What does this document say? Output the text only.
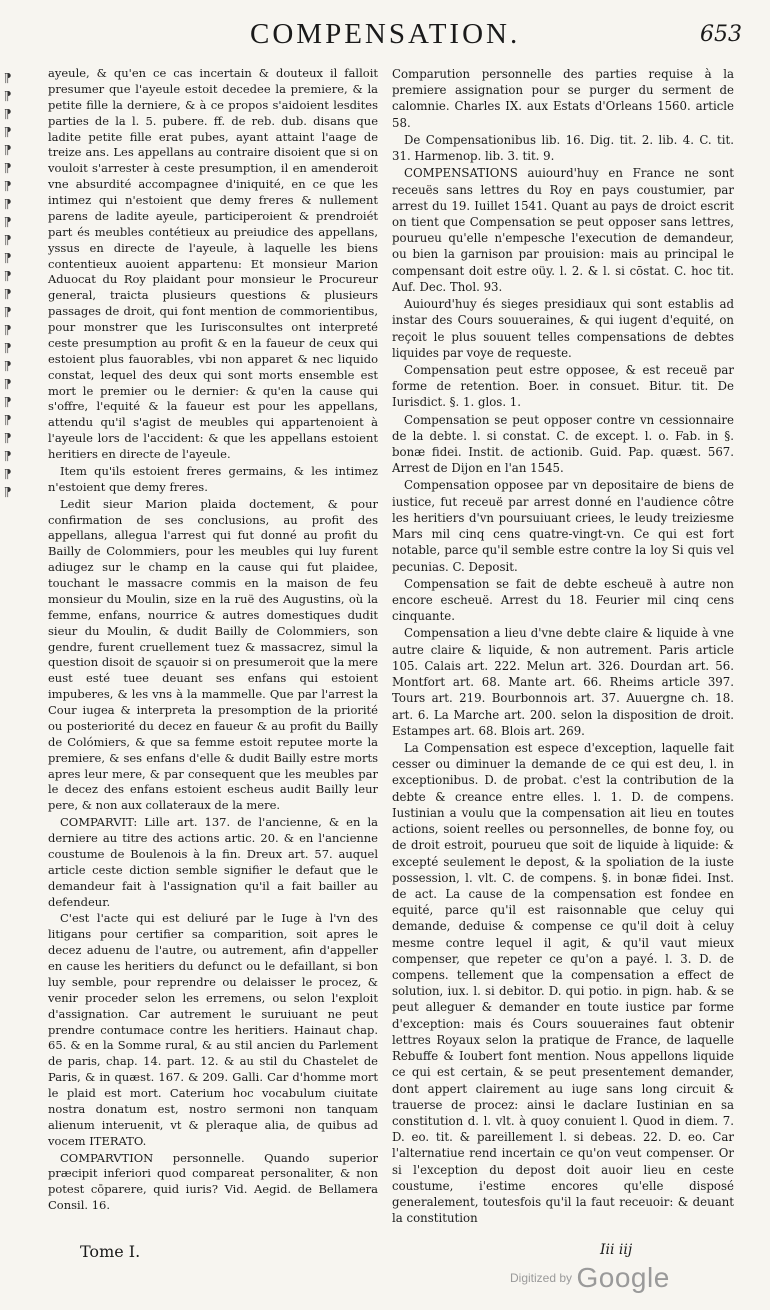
COMPENSATION.	653
⁋
⁋
⁋
⁋
⁋
⁋
⁋
⁋
⁋
⁋
⁋
⁋
⁋
⁋
⁋
⁋
⁋
⁋
⁋
⁋
⁋
⁋
⁋
⁋

ayeule, & qu'en ce cas incertain & douteux il falloit presumer que l'ayeule estoit decedee la premiere, & la petite fille la derniere, & à ce propos s'aidoient lesdites parties de la l. 5. pubere. ff. de reb. dub. disans que ladite petite fille erat pubes, ayant attaint l'aage de treize ans. Les appellans au contraire disoient que si on vouloit s'arrester à ceste presumption, il en amenderoit vne absurdité accompagnee d'iniquité, en ce que les intimez qui n'estoient que demy freres & nullement parens de ladite ayeule, participeroient & prendroiét part és meubles contétieux au preiudice des appellans, yssus en directe de l'ayeule, à laquelle les biens contentieux auoient appartenu: Et monsieur Marion Aduocat du Roy plaidant pour monsieur le Procureur general, traicta plusieurs questions & plusieurs passages de droit, qui font mention de commorientibus, pour monstrer que les Iurisconsultes ont interpreté ceste presumption au profit & en la faueur de ceux qui estoient plus fauorables, vbi non apparet & nec liquido constat, lequel des deux qui sont morts ensemble est mort le premier ou le dernier: & qu'en la cause qui s'offre, l'equité & la faueur est pour les appellans, attendu qu'il s'agist de meubles qui appartenoient à l'ayeule lors de l'accident: & que les appellans estoient heritiers en directe de l'ayeule.

Item qu'ils estoient freres germains, & les intimez n'estoient que demy freres.

Ledit sieur Marion plaida doctement, & pour confirmation de ses conclusions, au profit des appellans, allegua l'arrest qui fut donné au profit du Bailly de Colommiers, pour les meubles qui luy furent adiugez sur le champ en la cause qui fut plaidee, touchant le massacre commis en la maison de feu monsieur du Moulin, size en la ruë des Augustins, où la femme, enfans, nourrice & autres domestiques dudit sieur du Moulin, & dudit Bailly de Colommiers, son gendre, furent cruellement tuez & massacrez, simul la question disoit de sçauoir si on presumeroit que la mere eust esté tuee deuant ses enfans qui estoient impuberes, & les vns à la mammelle. Que par l'arrest la Cour iugea & interpreta la presomption de la priorité ou posteriorité du decez en faueur & au profit du Bailly de Colómiers, & que sa femme estoit reputee morte la premiere, & ses enfans d'elle & dudit Bailly estre morts apres leur mere, & par consequent que les meubles par le decez des enfans estoient escheus audit Bailly leur pere, & non aux collateraux de la mere.

COMPARVIT: Lille art. 137. de l'ancienne, & en la derniere au titre des actions artic. 20. & en l'ancienne coustume de Boulenois à la fin. Dreux art. 57. auquel article ceste diction semble signifier le defaut que le demandeur fait à l'assignation qu'il a fait bailler au defendeur.

C'est l'acte qui est deliuré par le Iuge à l'vn des litigans pour certifier sa comparition, soit apres le decez aduenu de l'autre, ou autrement, afin d'appeller en cause les heritiers du defunct ou le defaillant, si bon luy semble, pour reprendre ou delaisser le procez, & venir proceder selon les erremens, ou selon l'exploit d'assignation. Car autrement le suruiuant ne peut prendre contumace contre les heritiers. Hainaut chap. 65. & en la Somme rural, & au stil ancien du Parlement de paris, chap. 14. part. 12. & au stil du Chastelet de Paris, & in quæst. 167. & 209. Galli. Car d'homme mort le plaid est mort. Caterium hoc vocabulum ciuitate nostra donatum est, nostro sermoni non tanquam alienum interuenit, vt & pleraque alia, de quibus ad vocem ITERATO.

COMPARVTION personnelle. Quando superior præcipit inferiori quod compareat personaliter, & non potest cōparere, quid iuris? Vid. Aegid. de Bellamera Consil. 16.

Comparution personnelle des parties requise à la premiere assignation pour se purger du serment de calomnie. Charles IX. aux Estats d'Orleans 1560. article 58.

De Compensationibus lib. 16. Dig. tit. 2. lib. 4. C. tit. 31. Harmenop. lib. 3. tit. 9.

COMPENSATIONS auiourd'huy en France ne sont receuës sans lettres du Roy en pays coustumier, par arrest du 19. Iuillet 1541. Quant au pays de droict escrit on tient que Compensation se peut opposer sans lettres, pourueu qu'elle n'empesche l'execution de demandeur, ou bien la garnison par prouision: mais au principal le compensant doit estre oüy. l. 2. & l. si cōstat. C. hoc tit. Auf. Dec. Thol. 93.

Auiourd'huy és sieges presidiaux qui sont establis ad instar des Cours souueraines, & qui iugent d'equité, on reçoit le plus souuent telles compensations de debtes liquides par voye de requeste.

Compensation peut estre opposee, & est receuë par forme de retention. Boer. in consuet. Bitur. tit. De Iurisdict. §. 1. glos. 1.

Compensation se peut opposer contre vn cessionnaire de la debte. l. si constat. C. de except. l. o. Fab. in §. bonæ fidei. Instit. de actionib. Guid. Pap. quæst. 567. Arrest de Dijon en l'an 1545.

Compensation opposee par vn depositaire de biens de iustice, fut receuë par arrest donné en l'audience côtre les heritiers d'vn poursuiuant criees, le leudy treiziesme Mars mil cinq cens quatre-vingt-vn. Ce qui est fort notable, parce qu'il semble estre contre la loy Si quis vel pecunias. C. Deposit.

Compensation se fait de debte escheuë à autre non encore escheuë. Arrest du 18. Feurier mil cinq cens cinquante.

Compensation a lieu d'vne debte claire & liquide à vne autre claire & liquide, & non autrement. Paris article 105. Calais art. 222. Melun art. 326. Dourdan art. 56. Montfort art. 68. Mante art. 66. Rheims article 397. Tours art. 219. Bourbonnois art. 37. Auuergne ch. 18. art. 6. La Marche art. 200. selon la disposition de droit. Estampes art. 68. Blois art. 269.

La Compensation est espece d'exception, laquelle fait cesser ou diminuer la demande de ce qui est deu, l. in exceptionibus. D. de probat. c'est la contribution de la debte & creance entre elles. l. 1. D. de compens. Iustinian a voulu que la compensation ait lieu en toutes actions, soient reelles ou personnelles, de bonne foy, ou de droit estroit, pourueu que soit de liquide à liquide: & excepté seulement le depost, & la spoliation de la iuste possession, l. vlt. C. de compens. §. in bonæ fidei. Inst. de act. La cause de la compensation est fondee en equité, parce qu'il est raisonnable que celuy qui demande, deduise & compense ce qu'il doit à celuy mesme contre lequel il agit, & qu'il vaut mieux compenser, que repeter ce qu'on a payé. l. 3. D. de compens. tellement que la compensation a effect de solution, iux. l. si debitor. D. qui potio. in pign. hab. & se peut alleguer & demander en toute iustice par forme d'exception: mais és Cours souueraines faut obtenir lettres Royaux selon la pratique de France, de laquelle Rebuffe & Ioubert font mention. Nous appellons liquide ce qui est certain, & se peut presentement demander, dont appert clairement au iuge sans long circuit & trauerse de procez: ainsi le daclare Iustinian en sa constitution d. l. vlt. à quoy conuient l. Quod in diem. 7. D. eo. tit. & pareillement l. si debeas. 22. D. eo. Car l'alternatiue rend incertain ce qu'on veut compenser. Or si l'exception du depost doit auoir lieu en ceste coustume, i'estime encores qu'elle disposé generalement, toutesfois qu'il la faut receuoir: & deuant la constitution

Tome I.	Iii iij
Digitized by Google
